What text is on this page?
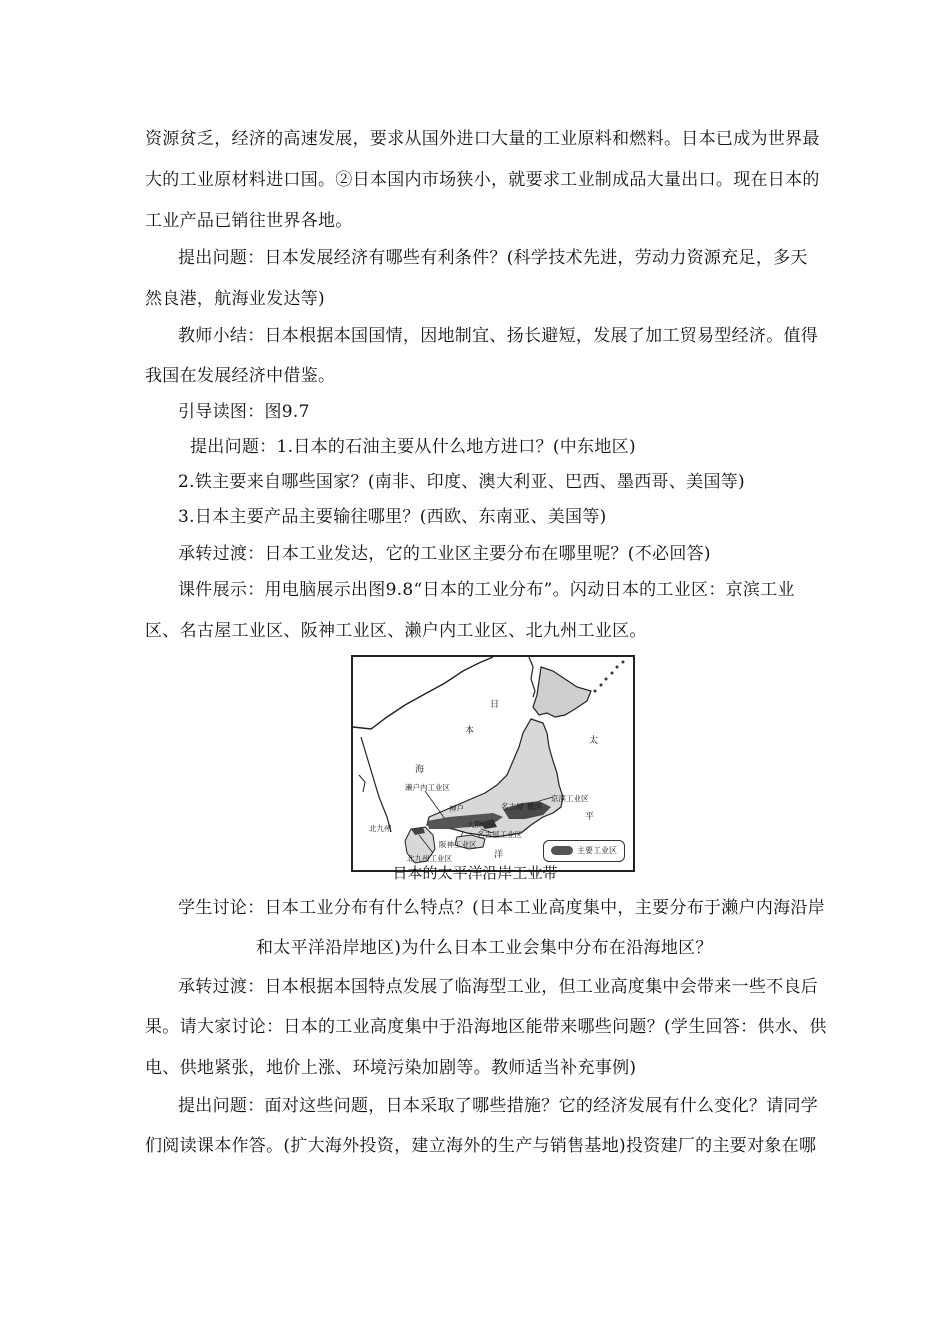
资源贫乏，经济的高速发展，要求从国外进口大量的工业原料和燃料。日本已成为世界最
大的工业原材料进口国。②日本国内市场狭小，就要求工业制成品大量出口。现在日本的
工业产品已销往世界各地。
提出问题：日本发展经济有哪些有利条件？(科学技术先进，劳动力资源充足，多天
然良港，航海业发达等)
教师小结：日本根据本国国情，因地制宜、扬长避短，发展了加工贸易型经济。值得
我国在发展经济中借鉴。
引导读图：图9.7
提出问题：1.日本的石油主要从什么地方进口？(中东地区)
2.铁主要来自哪些国家？(南非、印度、澳大利亚、巴西、墨西哥、美国等)
3.日本主要产品主要输往哪里？(西欧、东南亚、美国等)
承转过渡：日本工业发达，它的工业区主要分布在哪里呢？(不必回答)
课件展示：用电脑展示出图9.8“日本的工业分布”。闪动日本的工业区：京滨工业
区、名古屋工业区、阪神工业区、濑户内工业区、北九州工业区。
日
本
海
太
平
洋
濑户内工业区
京滨工业区
名古屋 横滨
神户
大阪
北九州
名古屋工业区
阪神工业区
北九州工业区
主要工业区
日本的太平洋沿岸工业带
学生讨论：日本工业分布有什么特点？(日本工业高度集中，主要分布于濑户内海沿岸
和太平洋沿岸地区)为什么日本工业会集中分布在沿海地区？
承转过渡：日本根据本国特点发展了临海型工业，但工业高度集中会带来一些不良后
果。请大家讨论：日本的工业高度集中于沿海地区能带来哪些问题？(学生回答：供水、供
电、供地紧张，地价上涨、环境污染加剧等。教师适当补充事例)
提出问题：面对这些问题，日本采取了哪些措施？它的经济发展有什么变化？请同学
们阅读课本作答。(扩大海外投资，建立海外的生产与销售基地)投资建厂的主要对象在哪
